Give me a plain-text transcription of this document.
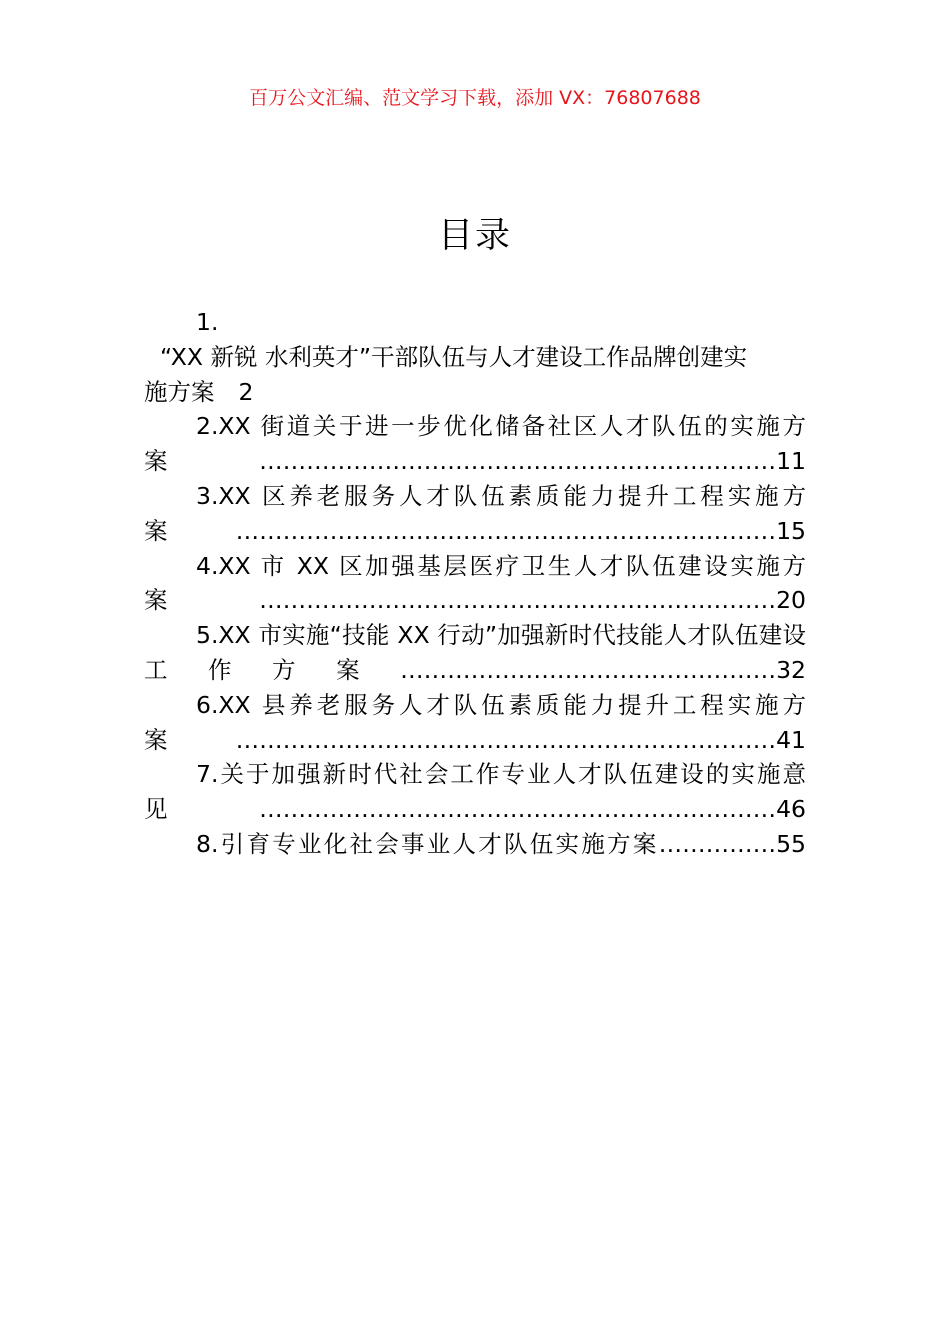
百万公文汇编、范文学习下载，添加 VX：76807688
目录
1.
“XX 新锐 水利英才”干部队伍与人才建设工作品牌创建实
施方案 2
2.XX 街道关于进一步优化储备社区人才队伍的实施方案…………………………………………………………11
3.XX 区养老服务人才队伍素质能力提升工程实施方案……………………………………………………………15
4.XX 市 XX 区加强基层医疗卫生人才队伍建设实施方案…………………………………………………………20
5.XX 市实施“技能 XX 行动”加强新时代技能人才队伍建设工作方案…………………………………………32
6.XX 县养老服务人才队伍素质能力提升工程实施方案……………………………………………………………41
7.关于加强新时代社会工作专业人才队伍建设的实施意见…………………………………………………………46
8.引育专业化社会事业人才队伍实施方案……………55
